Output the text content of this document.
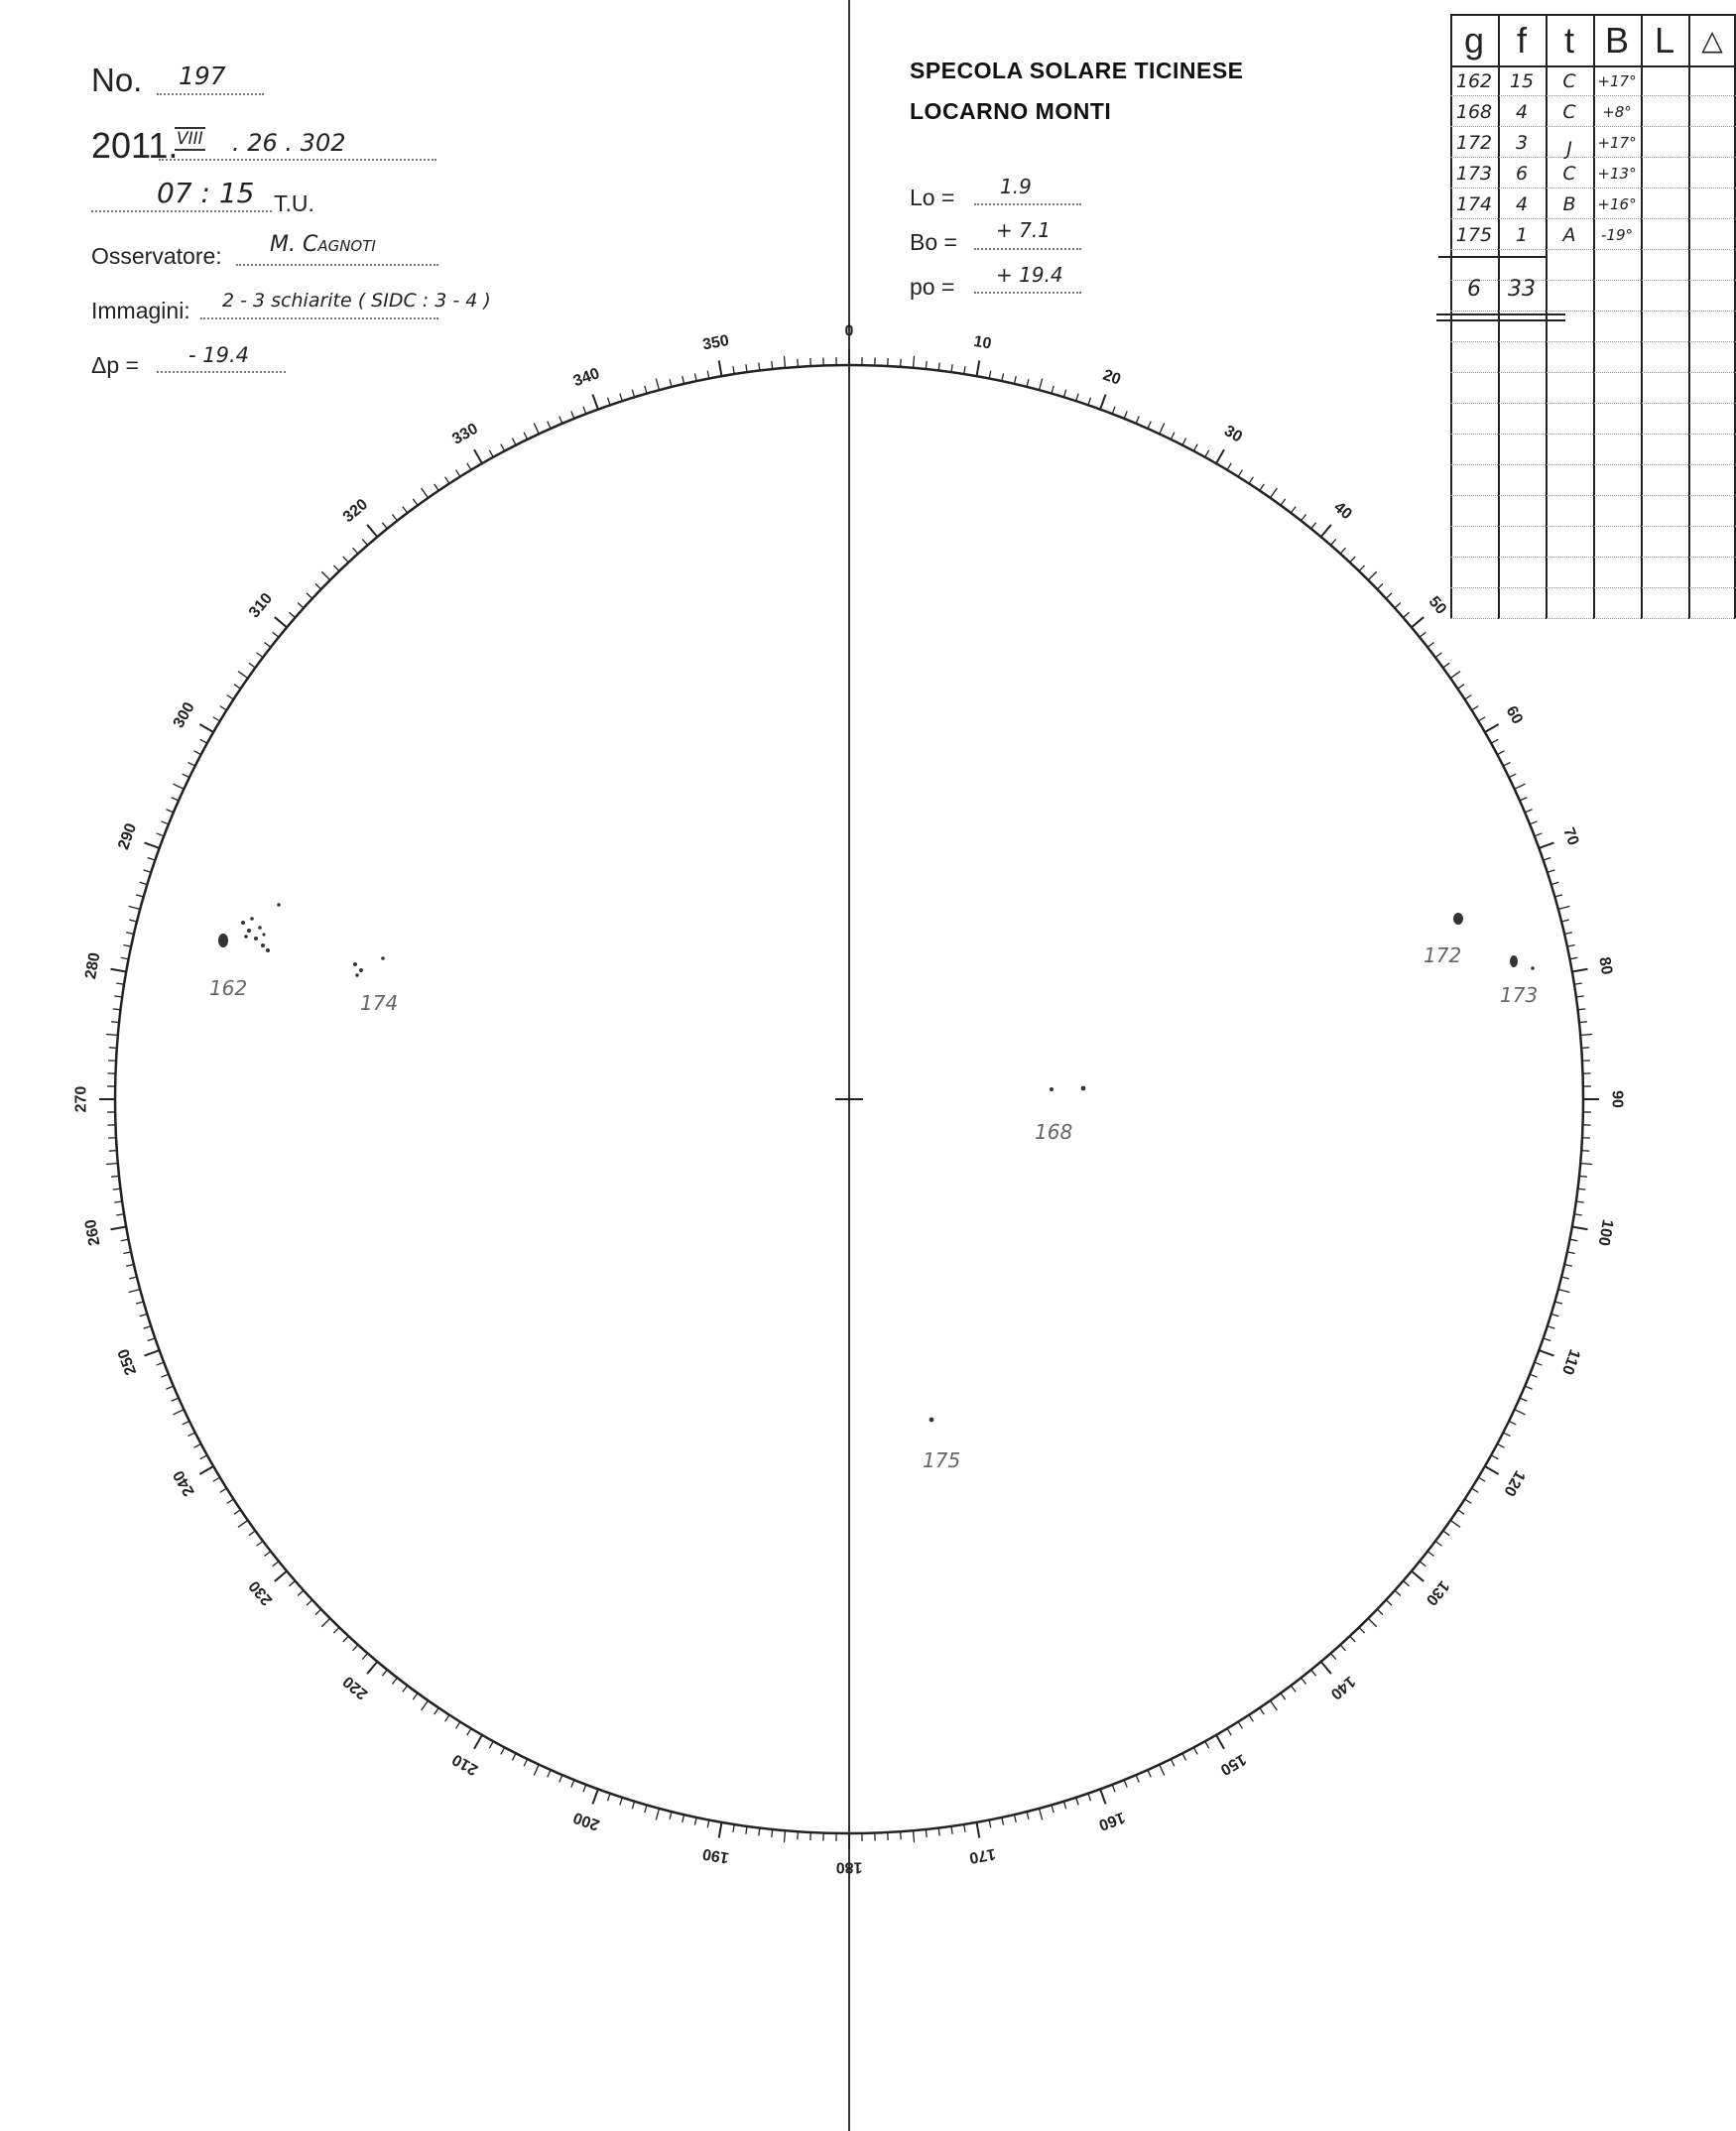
0
10
20
30
40
50
60
70
80
90
100
110
120
130
140
150
160
170
180
190
200
210
220
230
240
250
260
270
280
290
300
310
320
330
340
350
162
174
172
173
168
175
No. 197
2011.
VIII . 26 . 302
07 : 15 T.U.
Osservatore: M. Cagnoti
Immagini: 2 - 3 schiarite ( SIDC : 3 - 4 )
Δp = - 19.4
SPECOLA SOLARE TICINESE
LOCARNO MONTI
Lo = 1.9
Bo = + 7.1
po = + 19.4
g f	t B L △
162 15	C	+17°
168	4	C	+8°
172	3	J	+17°
173	6	C	+13°
174	4	B	+16°
175	1	A	-19°
6	33
